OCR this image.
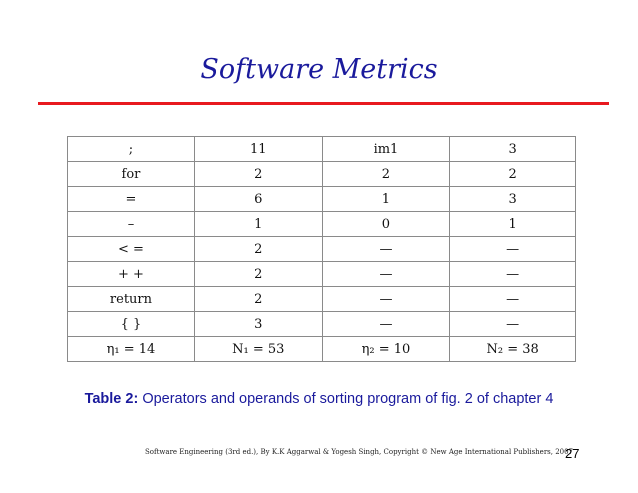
Software Metrics
;	11	im1	3
for	2	2	2
=	6	1	3
–	1	0	1
< =	2	—	—
+ +	2	—	—
return	2	—	—
{ }	3	—	—
η₁ = 14	N₁ = 53	η₂ = 10	N₂ = 38
Table 2: Operators and operands of sorting program of fig. 2 of chapter 4
Software Engineering (3rd ed.), By K.K Aggarwal & Yogesh Singh, Copyright © New Age International Publishers, 2007
27
